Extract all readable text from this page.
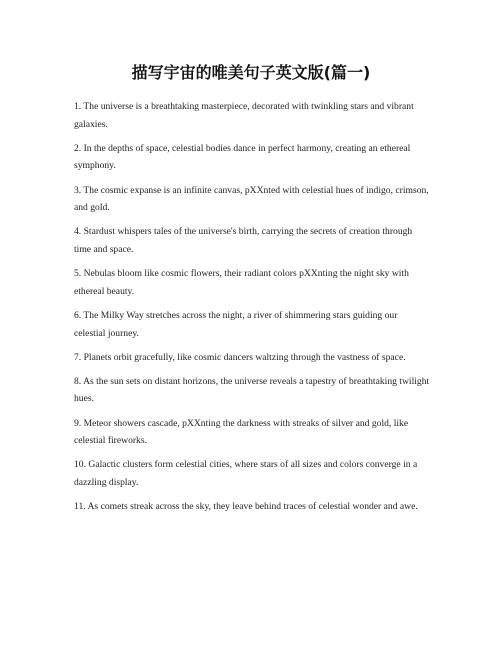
描写宇宙的唯美句子英文版(篇一)
1. The universe is a breathtaking masterpiece, decorated with twinkling stars and vibrant galaxies.
2. In the depths of space, celestial bodies dance in perfect harmony, creating an ethereal symphony.
3. The cosmic expanse is an infinite canvas, pXXnted with celestial hues of indigo, crimson, and gold.
4. Stardust whispers tales of the universe's birth, carrying the secrets of creation through time and space.
5. Nebulas bloom like cosmic flowers, their radiant colors pXXnting the night sky with ethereal beauty.
6. The Milky Way stretches across the night, a river of shimmering stars guiding our celestial journey.
7. Planets orbit gracefully, like cosmic dancers waltzing through the vastness of space.
8. As the sun sets on distant horizons, the universe reveals a tapestry of breathtaking twilight hues.
9. Meteor showers cascade, pXXnting the darkness with streaks of silver and gold, like celestial fireworks.
10. Galactic clusters form celestial cities, where stars of all sizes and colors converge in a dazzling display.
11. As comets streak across the sky, they leave behind traces of celestial wonder and awe.
